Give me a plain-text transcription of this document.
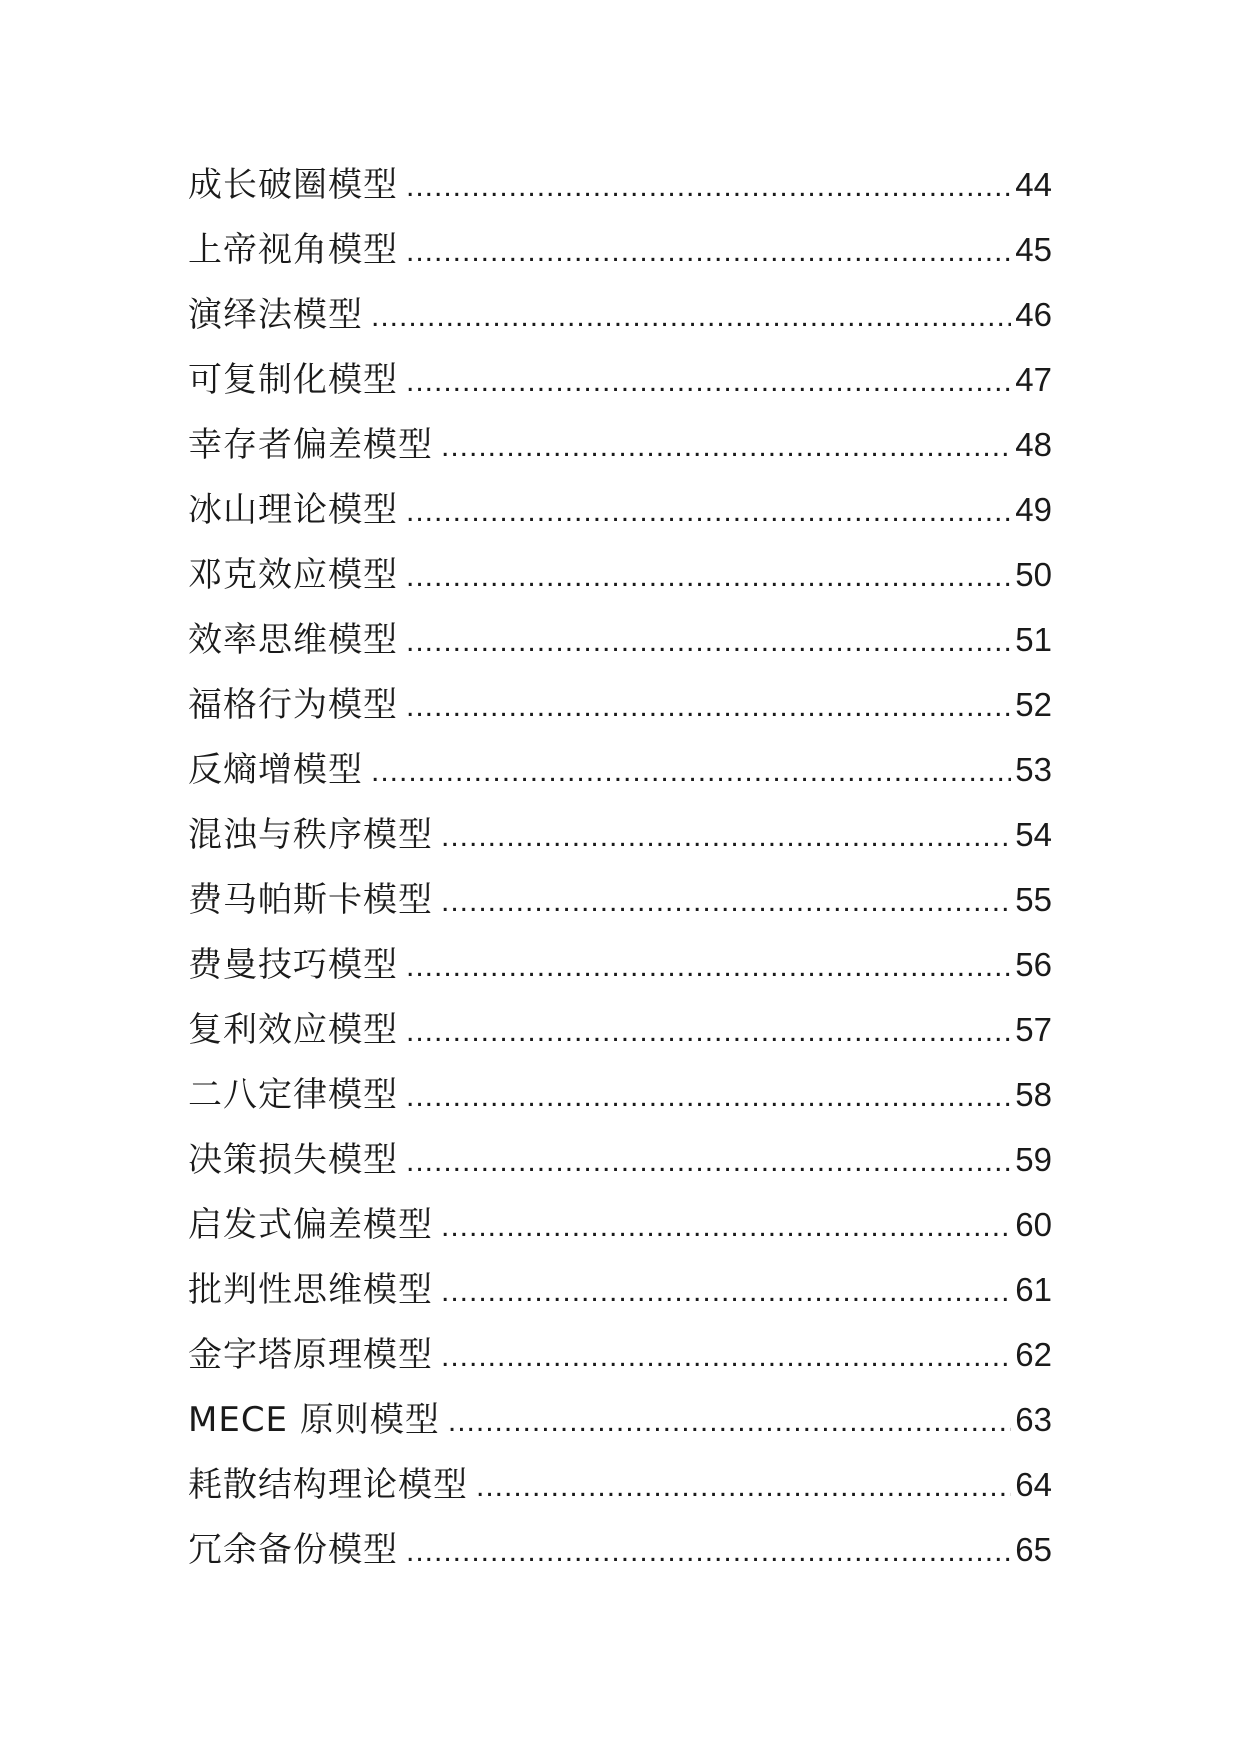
成长破圈模型 .....	44
上帝视角模型 .....	45
演绎法模型 .....	46
可复制化模型 .....	47
幸存者偏差模型 .....	48
冰山理论模型 .....	49
邓克效应模型 .....	50
效率思维模型 .....	51
福格行为模型 .....	52
反熵增模型 .....	53
混浊与秩序模型 .....	54
费马帕斯卡模型 .....	55
费曼技巧模型 .....	56
复利效应模型 .....	57
二八定律模型 .....	58
决策损失模型 .....	59
启发式偏差模型 .....	60
批判性思维模型 .....	61
金字塔原理模型 .....	62
MECE 原则模型 .....	63
耗散结构理论模型 .....	64
冗余备份模型 .....	65
